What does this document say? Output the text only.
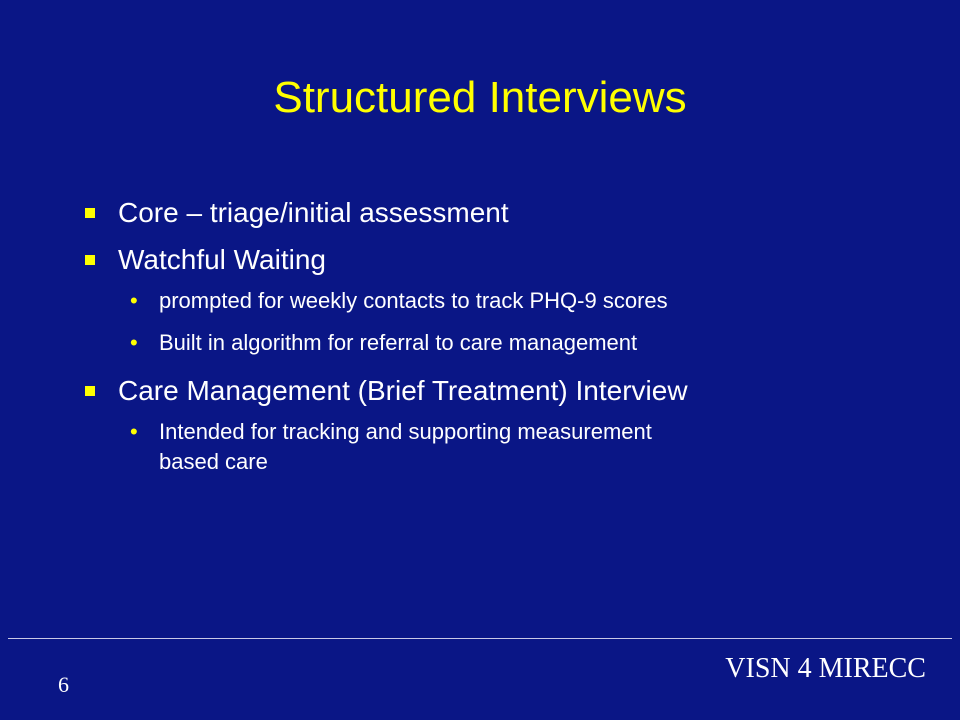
Structured Interviews
Core – triage/initial assessment
Watchful Waiting
• prompted for weekly contacts to track PHQ-9 scores
• Built in algorithm for referral to care management
Care Management (Brief Treatment) Interview
• Intended for tracking and supporting measurement based care
VISN 4 MIRECC
6
